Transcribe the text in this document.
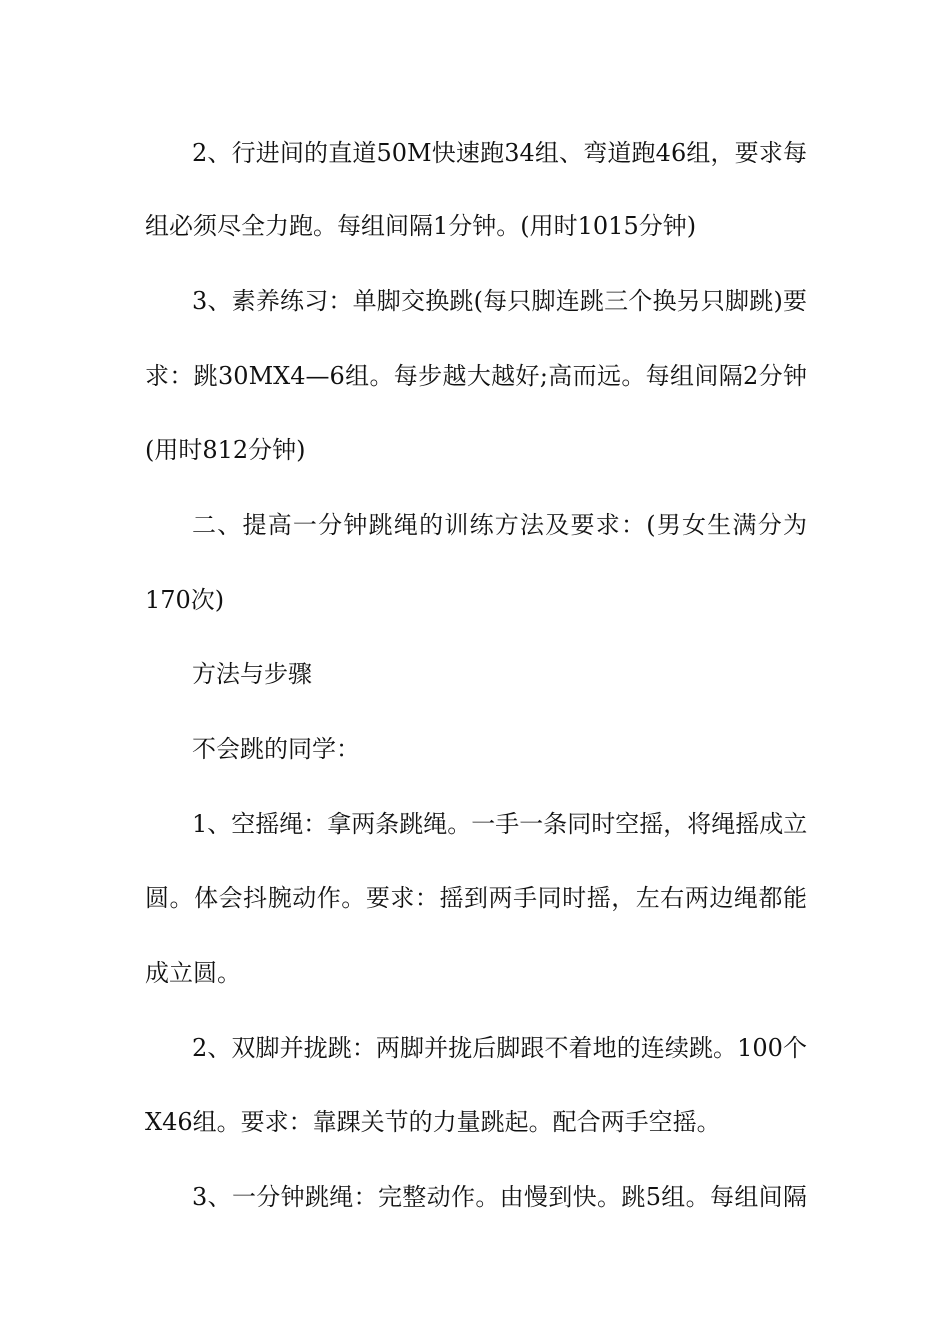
2、行进间的直道50M快速跑34组、弯道跑46组，要求每
组必须尽全力跑。每组间隔1分钟。(用时1015分钟)
3、素养练习：单脚交换跳(每只脚连跳三个换另只脚跳)要
求：跳30MX4—6组。每步越大越好;高而远。每组间隔2分钟
(用时812分钟)
二、提高一分钟跳绳的训练方法及要求：(男女生满分为
170次)
方法与步骤
不会跳的同学：
1、空摇绳：拿两条跳绳。一手一条同时空摇，将绳摇成立
圆。体会抖腕动作。要求：摇到两手同时摇，左右两边绳都能
成立圆。
2、双脚并拢跳：两脚并拢后脚跟不着地的连续跳。100个
X46组。要求：靠踝关节的力量跳起。配合两手空摇。
3、一分钟跳绳：完整动作。由慢到快。跳5组。每组间隔
